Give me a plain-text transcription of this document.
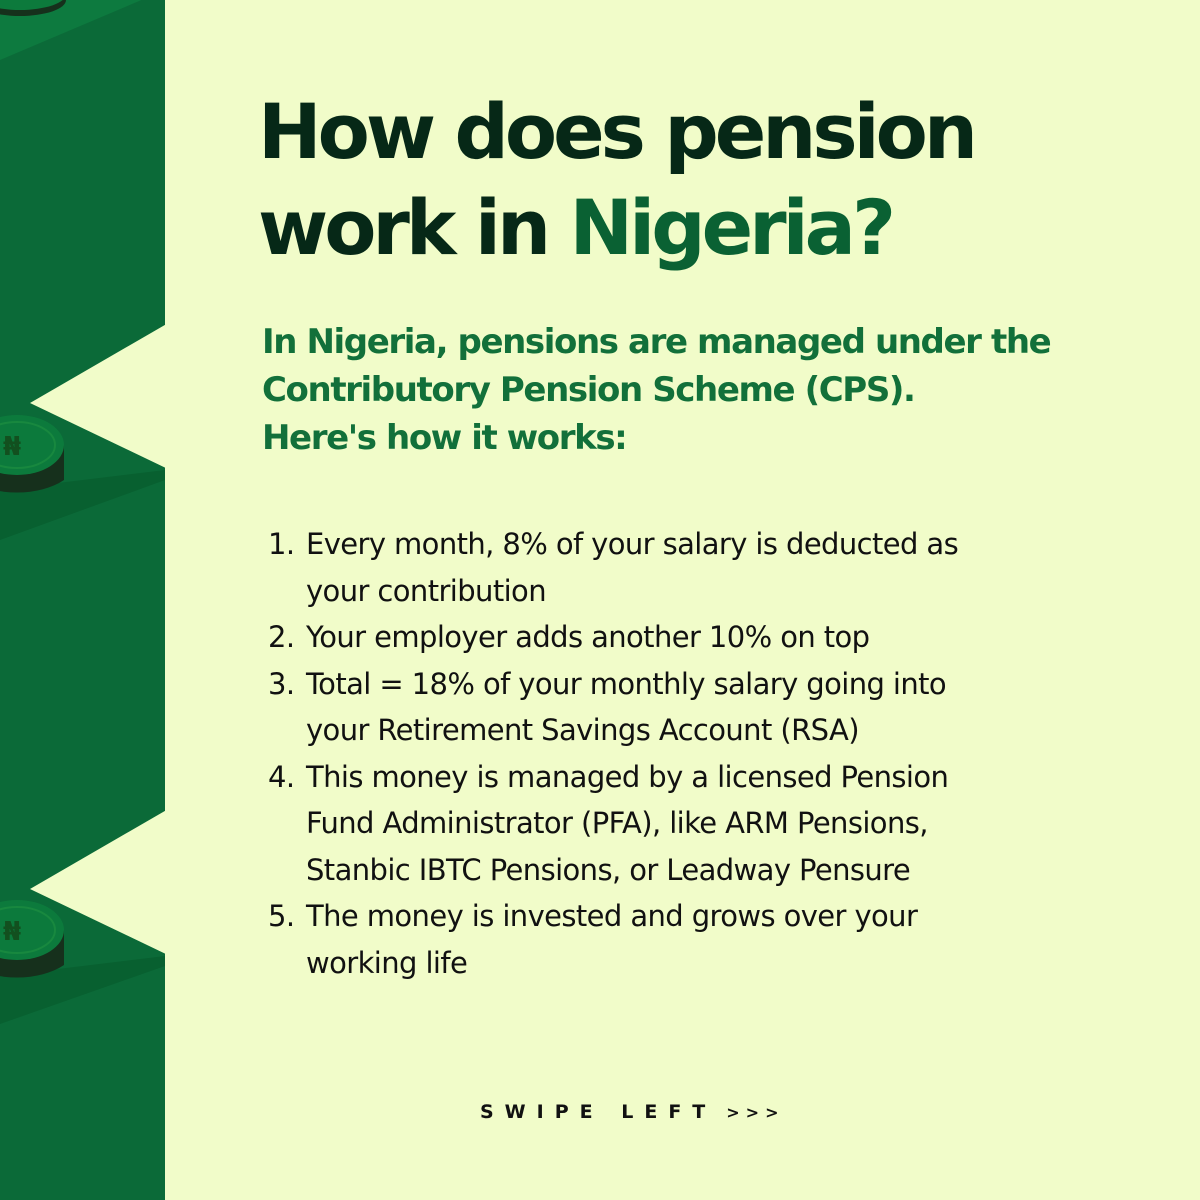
₦
₦
How does pension
work in Nigeria?

In Nigeria, pensions are managed under the
Contributory Pension Scheme (CPS).
Here's how it works:

1. Every month, 8% of your salary is deducted as
your contribution
2. Your employer adds another 10% on top
3. Total = 18% of your monthly salary going into
your Retirement Savings Account (RSA)
4. This money is managed by a licensed Pension
Fund Administrator (PFA), like ARM Pensions,
Stanbic IBTC Pensions, or Leadway Pensure
5. The money is invested and grows over your
working life
SWIPE LEFT >>>
